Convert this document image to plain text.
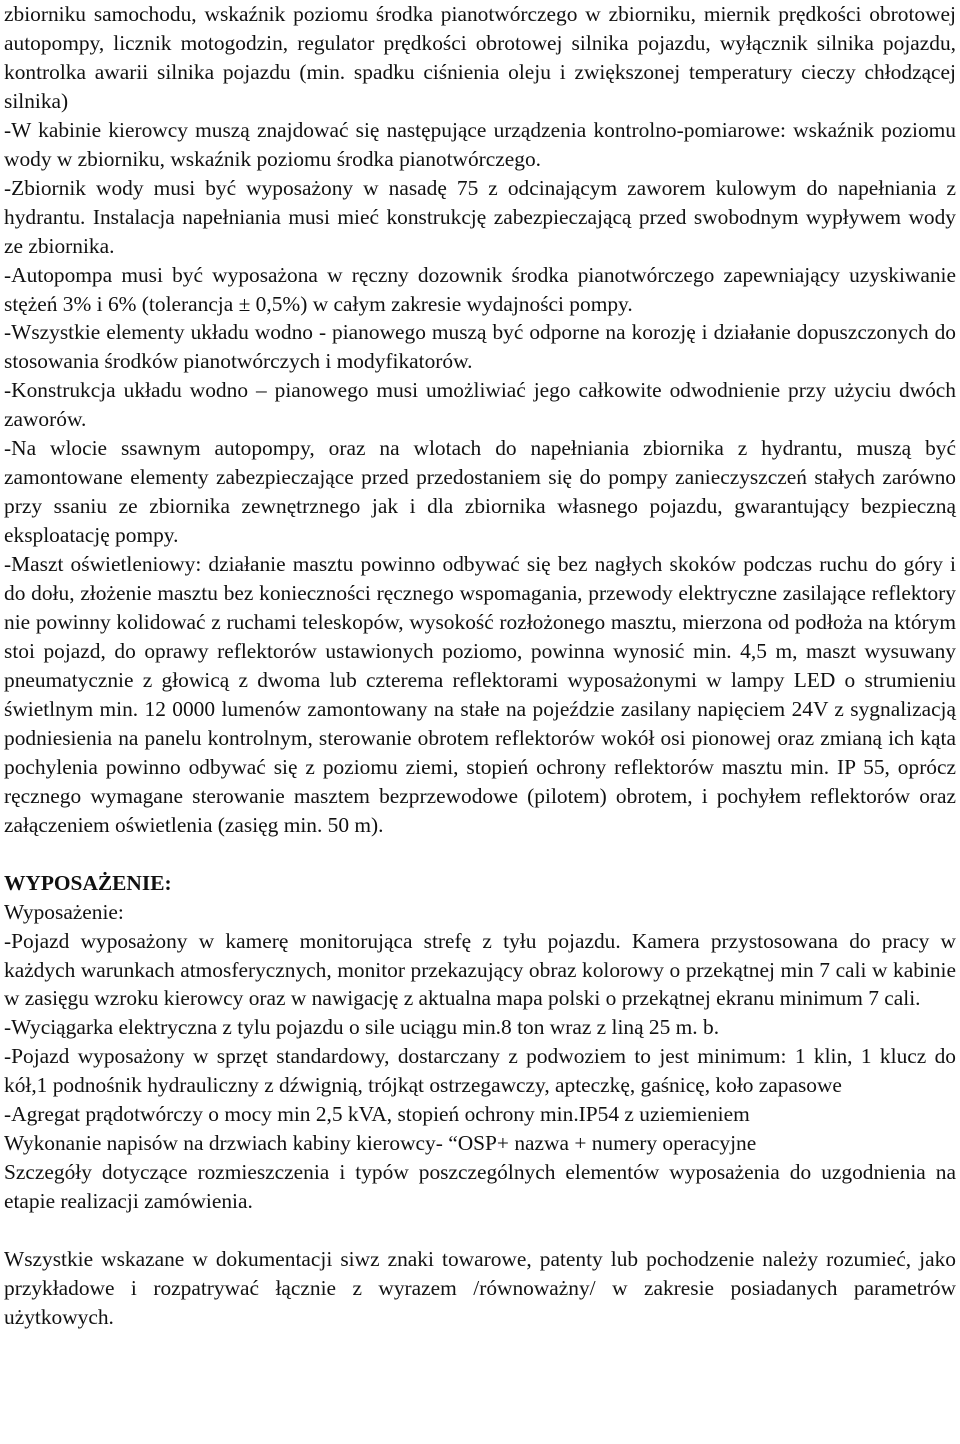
zbiorniku samochodu, wskaźnik poziomu środka pianotwórczego w zbiorniku, miernik prędkości obrotowej autopompy, licznik motogodzin, regulator prędkości obrotowej silnika pojazdu, wyłącznik silnika pojazdu, kontrolka awarii silnika pojazdu (min. spadku ciśnienia oleju i zwiększonej temperatury cieczy chłodzącej silnika)

-W kabinie kierowcy muszą znajdować się następujące urządzenia kontrolno-pomiarowe: wskaźnik poziomu wody w zbiorniku, wskaźnik poziomu środka pianotwórczego.

-Zbiornik wody musi być wyposażony w nasadę 75 z odcinającym zaworem kulowym do napełniania z hydrantu. Instalacja napełniania musi mieć konstrukcję zabezpieczającą przed swobodnym wypływem wody ze zbiornika.

-Autopompa musi być wyposażona w ręczny dozownik środka pianotwórczego zapewniający uzyskiwanie stężeń 3% i 6% (tolerancja ± 0,5%) w całym zakresie wydajności pompy.

-Wszystkie elementy układu wodno - pianowego muszą być odporne na korozję i działanie dopuszczonych do stosowania środków pianotwórczych i modyfikatorów.

-Konstrukcja układu wodno – pianowego musi umożliwiać jego całkowite odwodnienie przy użyciu dwóch zaworów.

-Na wlocie ssawnym autopompy, oraz na wlotach do napełniania zbiornika z hydrantu, muszą być zamontowane elementy zabezpieczające przed przedostaniem się do pompy zanieczyszczeń stałych zarówno przy ssaniu ze zbiornika zewnętrznego jak i dla zbiornika własnego pojazdu, gwarantujący bezpieczną eksploatację pompy.

-Maszt oświetleniowy: działanie masztu powinno odbywać się bez nagłych skoków podczas ruchu do góry i do dołu, złożenie masztu bez konieczności ręcznego wspomagania, przewody elektryczne zasilające reflektory nie powinny kolidować z ruchami teleskopów, wysokość rozłożonego masztu, mierzona od podłoża na którym stoi pojazd, do oprawy reflektorów ustawionych poziomo, powinna wynosić min. 4,5 m, maszt wysuwany pneumatycznie z głowicą z dwoma lub czterema reflektorami wyposażonymi w lampy LED o strumieniu świetlnym min. 12 0000 lumenów zamontowany na stałe na pojeździe zasilany napięciem 24V z sygnalizacją podniesienia na panelu kontrolnym, sterowanie obrotem reflektorów wokół osi pionowej oraz zmianą ich kąta pochylenia powinno odbywać się z poziomu ziemi, stopień ochrony reflektorów masztu min. IP 55, oprócz ręcznego wymagane sterowanie masztem bezprzewodowe (pilotem) obrotem, i pochyłem reflektorów oraz załączeniem oświetlenia (zasięg min. 50 m).

WYPOSAŻENIE:

Wyposażenie:

-Pojazd wyposażony w kamerę monitorująca strefę z tyłu pojazdu. Kamera przystosowana do pracy w każdych warunkach atmosferycznych, monitor przekazujący obraz kolorowy o przekątnej min 7 cali w kabinie w zasięgu wzroku kierowcy oraz w nawigację z aktualna mapa polski o przekątnej ekranu minimum 7 cali.

-Wyciągarka elektryczna z tylu pojazdu o sile uciągu min.8 ton wraz z liną 25 m. b.

-Pojazd wyposażony w sprzęt standardowy, dostarczany z podwoziem to jest minimum: 1 klin, 1 klucz do kół,1 podnośnik hydrauliczny z dźwignią, trójkąt ostrzegawczy, apteczkę, gaśnicę, koło zapasowe

-Agregat prądotwórczy o mocy min 2,5 kVA, stopień ochrony min.IP54 z uziemieniem

Wykonanie napisów na drzwiach kabiny kierowcy- “OSP+ nazwa + numery operacyjne

Szczegóły dotyczące rozmieszczenia i typów poszczególnych elementów wyposażenia do uzgodnienia na etapie realizacji zamówienia.

Wszystkie wskazane w dokumentacji siwz znaki towarowe, patenty lub pochodzenie należy rozumieć, jako przykładowe i rozpatrywać łącznie z wyrazem /równoważny/ w zakresie posiadanych parametrów użytkowych.
